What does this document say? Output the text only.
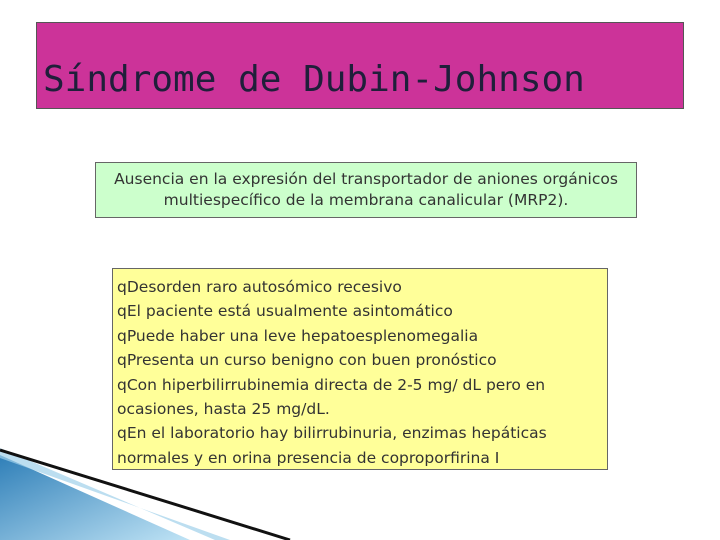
Síndrome de Dubin-Johnson
Ausencia en la expresión del transportador de aniones orgánicos
multiespecífico de la membrana canalicular (MRP2).
qDesorden raro autosómico recesivo
qEl paciente está usualmente asintomático
qPuede haber una leve hepatoesplenomegalia
qPresenta un curso benigno con buen pronóstico
qCon hiperbilirrubinemia directa de 2-5 mg/ dL pero en
ocasiones, hasta 25 mg/dL.
qEn el laboratorio hay bilirrubinuria, enzimas hepáticas
normales y en orina presencia de coproporfirina I
